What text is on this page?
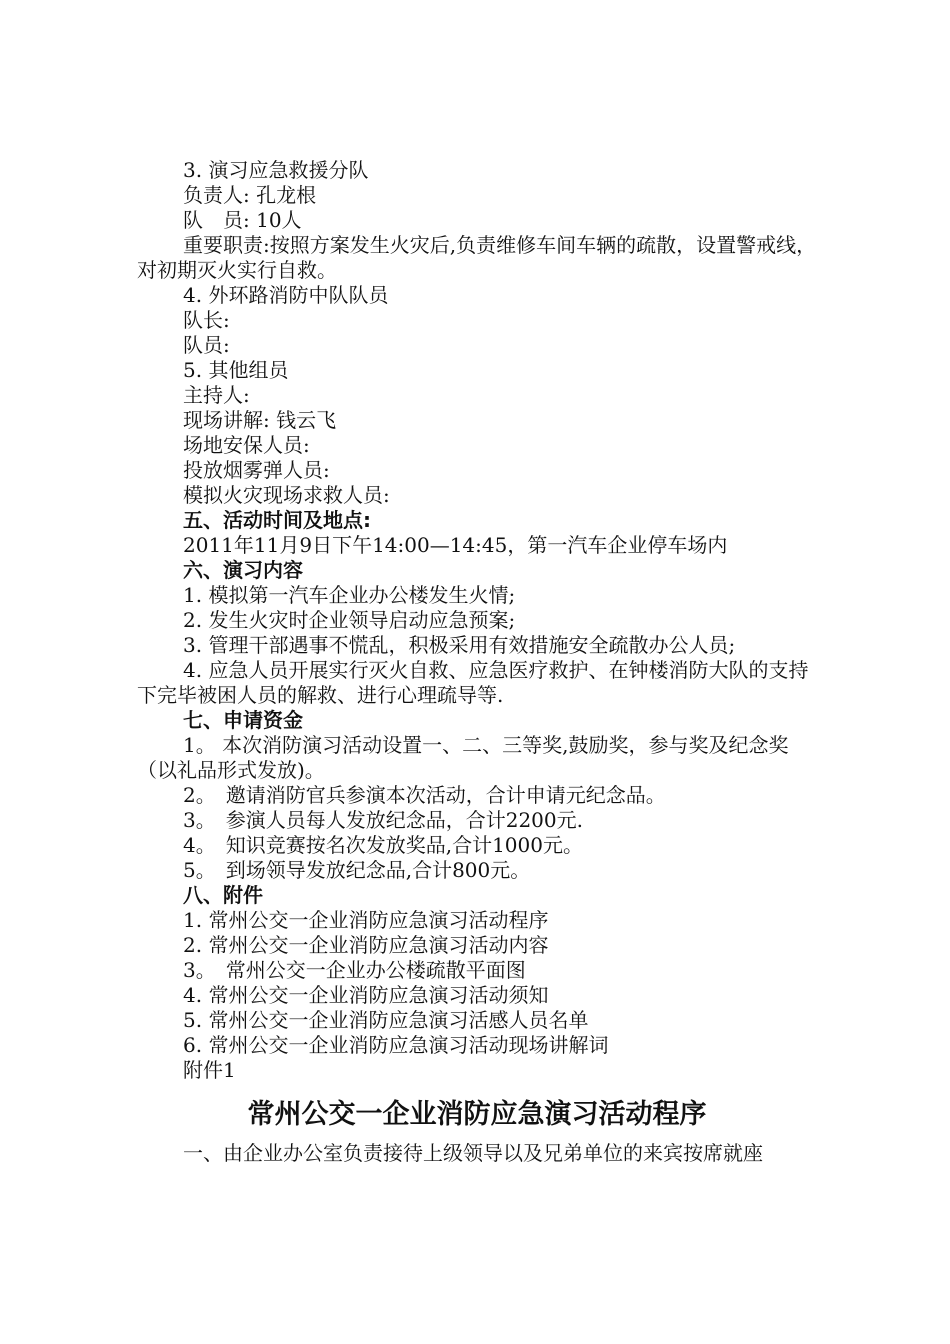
3. 演习应急救援分队
负责人: 孔龙根
队　员: 10人
重要职责:按照方案发生火灾后,负责维修车间车辆的疏散，设置警戒线，对初期灭火实行自救。
4. 外环路消防中队队员
队长:
队员:
5. 其他组员
主持人:
现场讲解: 钱云飞
场地安保人员:
投放烟雾弹人员:
模拟火灾现场求救人员:
五、活动时间及地点:
2011年11月9日下午14:00—14:45，第一汽车企业停车场内
六、演习内容
1. 模拟第一汽车企业办公楼发生火情;
2. 发生火灾时企业领导启动应急预案;
3. 管理干部遇事不慌乱，积极采用有效措施安全疏散办公人员;
4. 应急人员开展实行灭火自救、应急医疗救护、在钟楼消防大队的支持下完毕被困人员的解救、进行心理疏导等.
七、申请资金
1。 本次消防演习活动设置一、二、三等奖,鼓励奖，参与奖及纪念奖（以礼品形式发放)。
2。　邀请消防官兵参演本次活动，合计申请元纪念品。
3。　参演人员每人发放纪念品，合计2200元.
4。　知识竞赛按名次发放奖品,合计1000元。
5。　到场领导发放纪念品,合计800元。
八、附件
1. 常州公交一企业消防应急演习活动程序
2. 常州公交一企业消防应急演习活动内容
3。　常州公交一企业办公楼疏散平面图
4. 常州公交一企业消防应急演习活动须知
5. 常州公交一企业消防应急演习活感人员名单
6. 常州公交一企业消防应急演习活动现场讲解词
附件1
常州公交一企业消防应急演习活动程序
一、由企业办公室负责接待上级领导以及兄弟单位的来宾按席就座
